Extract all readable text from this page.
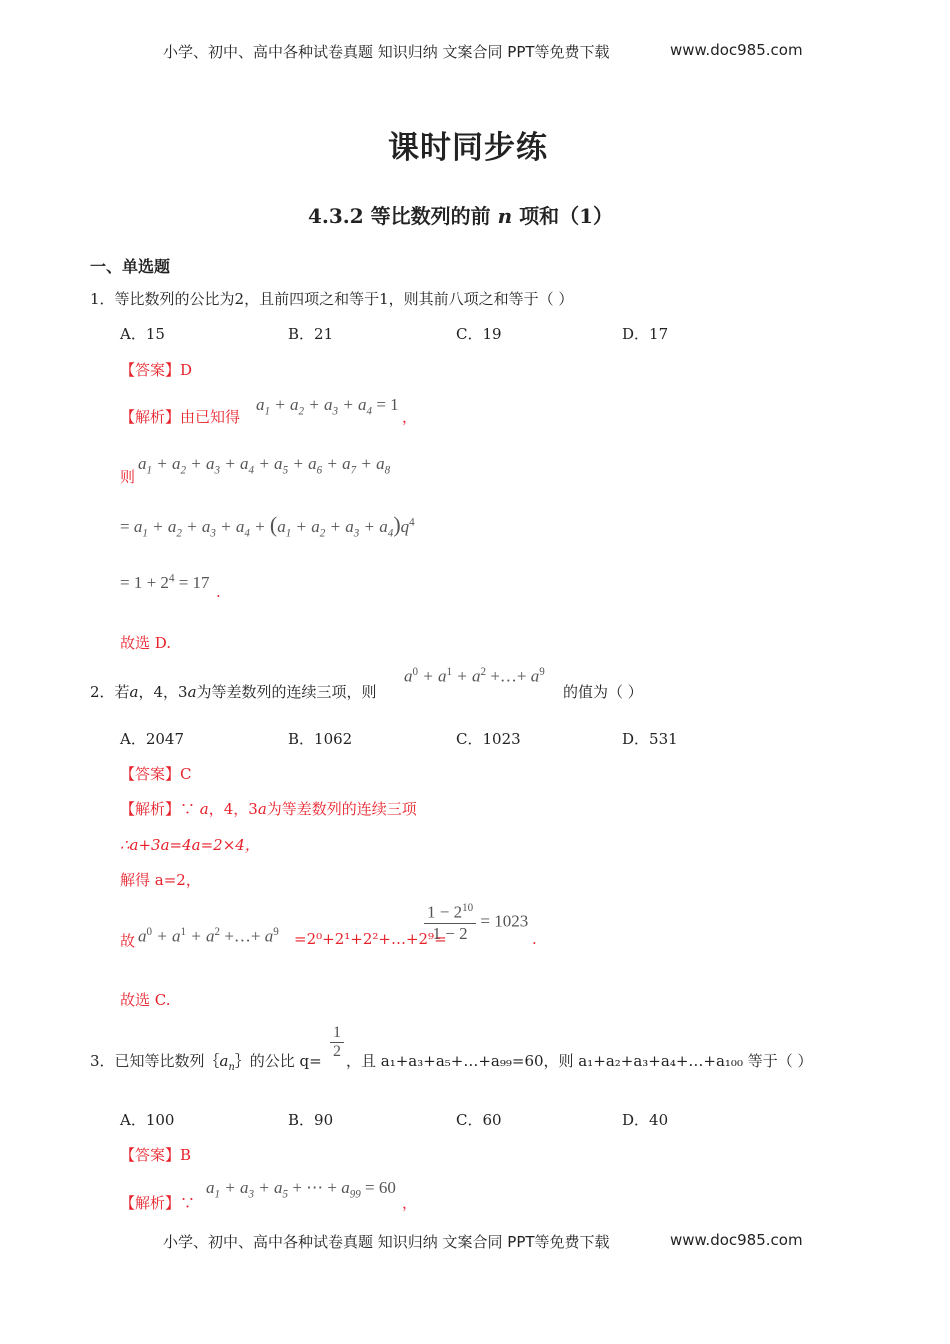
小学、初中、高中各种试卷真题 知识归纳 文案合同 PPT等免费下载	www.doc985.com
课时同步练
4.3.2 等比数列的前 n 项和（1）
一、单选题
1．等比数列的公比为2，且前四项之和等于1，则其前八项之和等于（ ）
A．15	B．21	C．19	D．17
【答案】D
【解析】由已知得
$a_1 + a_2 + a_3 + a_4 = 1$
，
$a_1 + a_2 + a_3 + a_4 + a_5 + a_6 + a_7 + a_8$
则
= $a_1 + a_2 + a_3 + a_4 + (a_1 + a_2 + a_3 + a_4)q^4$
= $1 + 2^4 = 17$
.
故选 D.
2．若a，4，3a为等差数列的连续三项，则
$a^0 + a^1 + a^2$ +…+ $a^9$
的值为（ ）
A．2047	B．1062	C．1023	D．531
【答案】C
【解析】∵ a，4，3a为等差数列的连续三项
∴a+3a=4a=2×4，
解得 a=2，
故 $a^0 + a^1 + a^2$ +…+ $a^9$ =2⁰+2¹+2²+…+2⁹=
$\frac{1 - 2^{10}}{1 - 2} = 1023$
.
故选 C.
3．已知等比数列$\{a_n\}$的公比 $q= \frac{1}{2}$ ，且 a₁+a₃+a₅+…+a₉₉=60，则 a₁+a₂+a₃+a₄+…+a₁₀₀ 等于（ ）
A．100	B．90	C．60	D．40
【答案】B
【解析】∵
$a_1 + a_3 + a_5$ + ⋯ + $a_{99} = 60$
，
小学、初中、高中各种试卷真题 知识归纳 文案合同 PPT等免费下载	www.doc985.com
